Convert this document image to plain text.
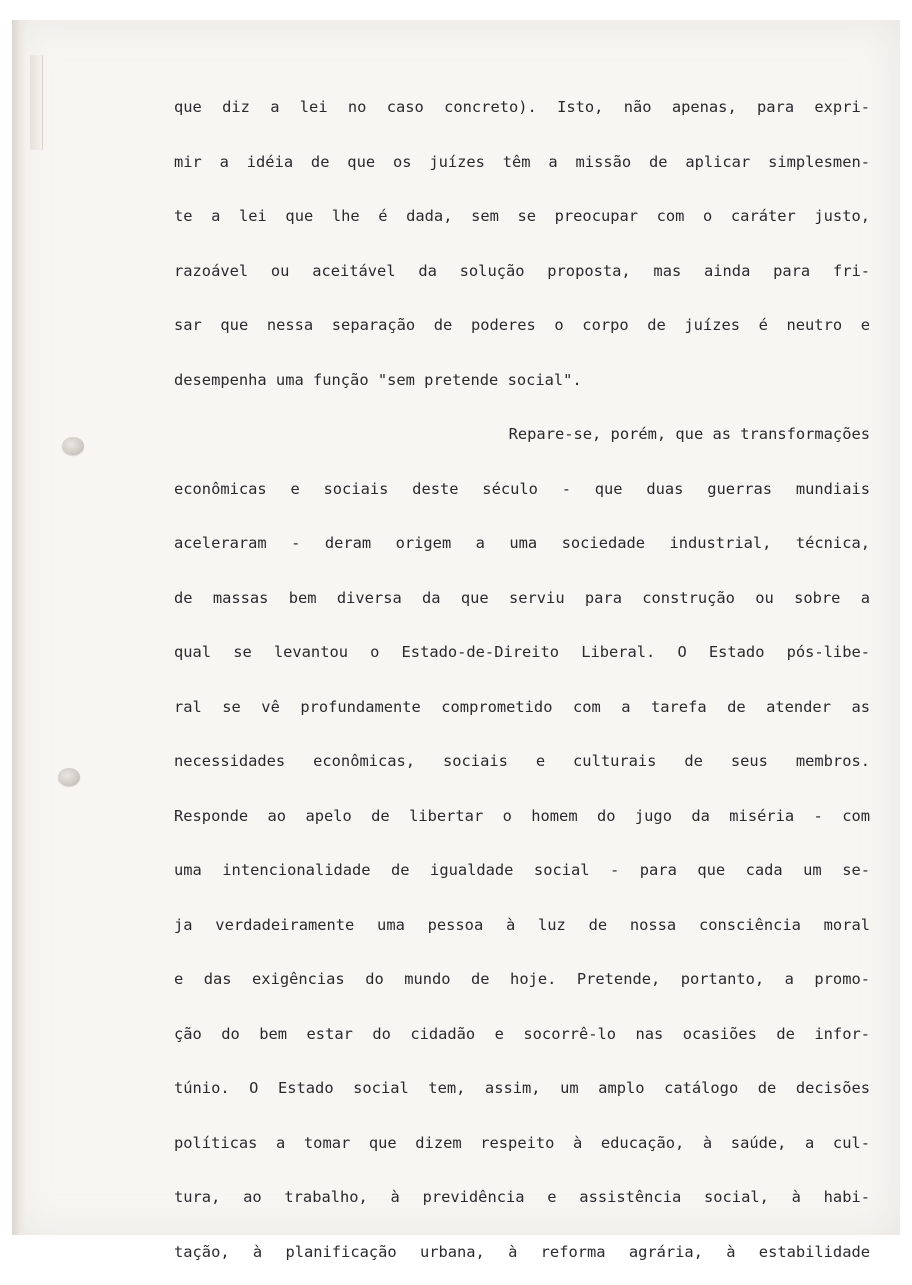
que diz a lei no caso concreto). Isto, não apenas, para expri-
mir a idéia de que os juízes têm a missão de aplicar simplesmen-
te a lei que lhe é dada, sem se preocupar com o caráter justo,
razoável ou aceitável da solução proposta, mas ainda para fri-
sar que nessa separação de poderes o corpo de juízes é neutro e
desempenha uma função "sem pretende social".
Repare-se, porém, que as transformações
econômicas e sociais deste século - que duas guerras mundiais
aceleraram - deram origem a uma sociedade industrial, técnica,
de massas bem diversa da que serviu para construção ou sobre a
qual se levantou o Estado-de-Direito Liberal. O Estado pós-libe-
ral se vê profundamente comprometido com a tarefa de atender as
necessidades econômicas, sociais e culturais de seus membros.
Responde ao apelo de libertar o homem do jugo da miséria - com
uma intencionalidade de igualdade social - para que cada um se-
ja verdadeiramente uma pessoa à luz de nossa consciência moral
e das exigências do mundo de hoje. Pretende, portanto, a promo-
ção do bem estar do cidadão e socorrê-lo nas ocasiões de infor-
túnio. O Estado social tem, assim, um amplo catálogo de decisões
políticas a tomar que dizem respeito à educação, à saúde, a cul-
tura, ao trabalho, à previdência e assistência social, à habi-
tação, à planificação urbana, à reforma agrária, à estabilidade
